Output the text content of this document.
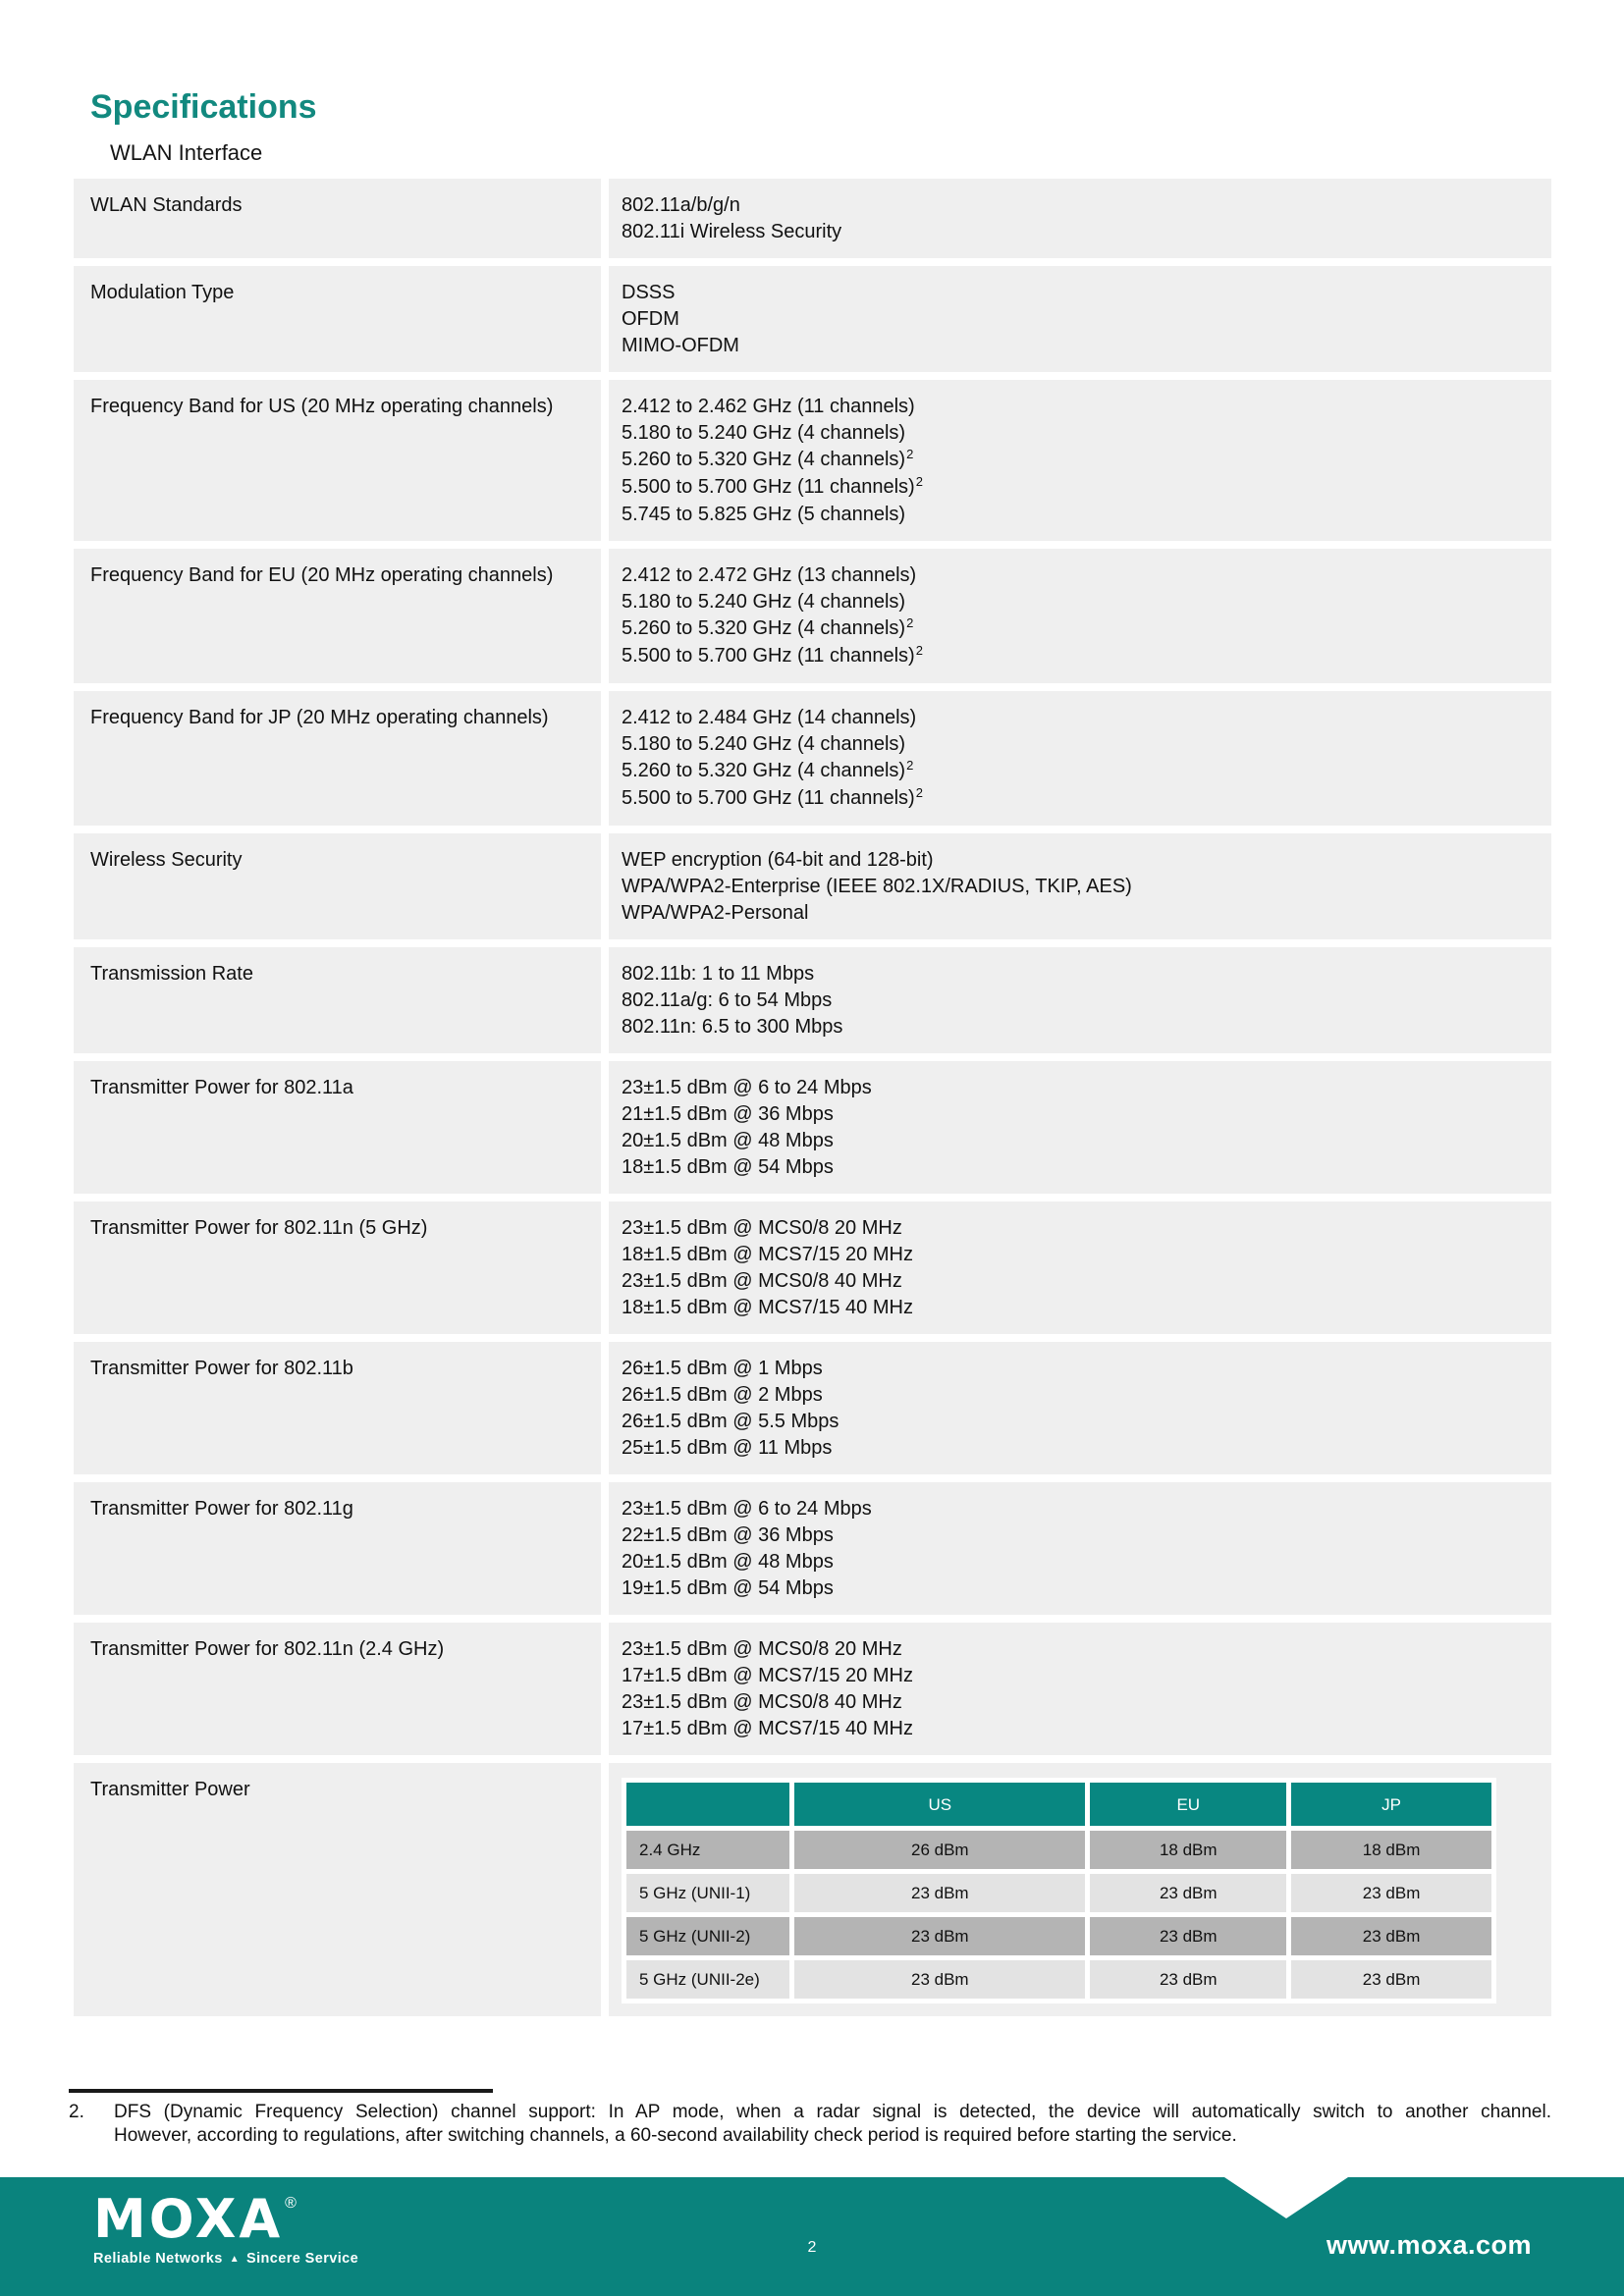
Specifications
WLAN Interface
WLAN Standards	802.11a/b/g/n
802.11i Wireless Security
Modulation Type	DSSS
OFDM
MIMO-OFDM
Frequency Band for US (20 MHz operating channels)	2.412 to 2.462 GHz (11 channels)
5.180 to 5.240 GHz (4 channels)
5.260 to 5.320 GHz (4 channels)$^2$
5.500 to 5.700 GHz (11 channels)$^2$
5.745 to 5.825 GHz (5 channels)
Frequency Band for EU (20 MHz operating channels)	2.412 to 2.472 GHz (13 channels)
5.180 to 5.240 GHz (4 channels)
5.260 to 5.320 GHz (4 channels)$^2$
5.500 to 5.700 GHz (11 channels)$^2$
Frequency Band for JP (20 MHz operating channels)	2.412 to 2.484 GHz (14 channels)
5.180 to 5.240 GHz (4 channels)
5.260 to 5.320 GHz (4 channels)$^2$
5.500 to 5.700 GHz (11 channels)$^2$
Wireless Security	WEP encryption (64-bit and 128-bit)
WPA/WPA2-Enterprise (IEEE 802.1X/RADIUS, TKIP, AES)
WPA/WPA2-Personal
Transmission Rate	802.11b: 1 to 11 Mbps
802.11a/g: 6 to 54 Mbps
802.11n: 6.5 to 300 Mbps
Transmitter Power for 802.11a	23±1.5 dBm @ 6 to 24 Mbps
21±1.5 dBm @ 36 Mbps
20±1.5 dBm @ 48 Mbps
18±1.5 dBm @ 54 Mbps
Transmitter Power for 802.11n (5 GHz)	23±1.5 dBm @ MCS0/8 20 MHz
18±1.5 dBm @ MCS7/15 20 MHz
23±1.5 dBm @ MCS0/8 40 MHz
18±1.5 dBm @ MCS7/15 40 MHz
Transmitter Power for 802.11b	26±1.5 dBm @ 1 Mbps
26±1.5 dBm @ 2 Mbps
26±1.5 dBm @ 5.5 Mbps
25±1.5 dBm @ 11 Mbps
Transmitter Power for 802.11g	23±1.5 dBm @ 6 to 24 Mbps
22±1.5 dBm @ 36 Mbps
20±1.5 dBm @ 48 Mbps
19±1.5 dBm @ 54 Mbps
Transmitter Power for 802.11n (2.4 GHz)	23±1.5 dBm @ MCS0/8 20 MHz
17±1.5 dBm @ MCS7/15 20 MHz
23±1.5 dBm @ MCS0/8 40 MHz
17±1.5 dBm @ MCS7/15 40 MHz
Transmitter Power
	US	EU	JP
2.4 GHz	26 dBm	18 dBm	18 dBm
5 GHz (UNII-1)	23 dBm	23 dBm	23 dBm
5 GHz (UNII-2)	23 dBm	23 dBm	23 dBm
5 GHz (UNII-2e)	23 dBm	23 dBm	23 dBm
2. DFS (Dynamic Frequency Selection) channel support: In AP mode, when a radar signal is detected, the device will automatically switch to another channel.
However, according to regulations, after switching channels, a 60-second availability check period is required before starting the service.
MOXA ®
Reliable Networks ▲ Sincere Service
2	www.moxa.com
